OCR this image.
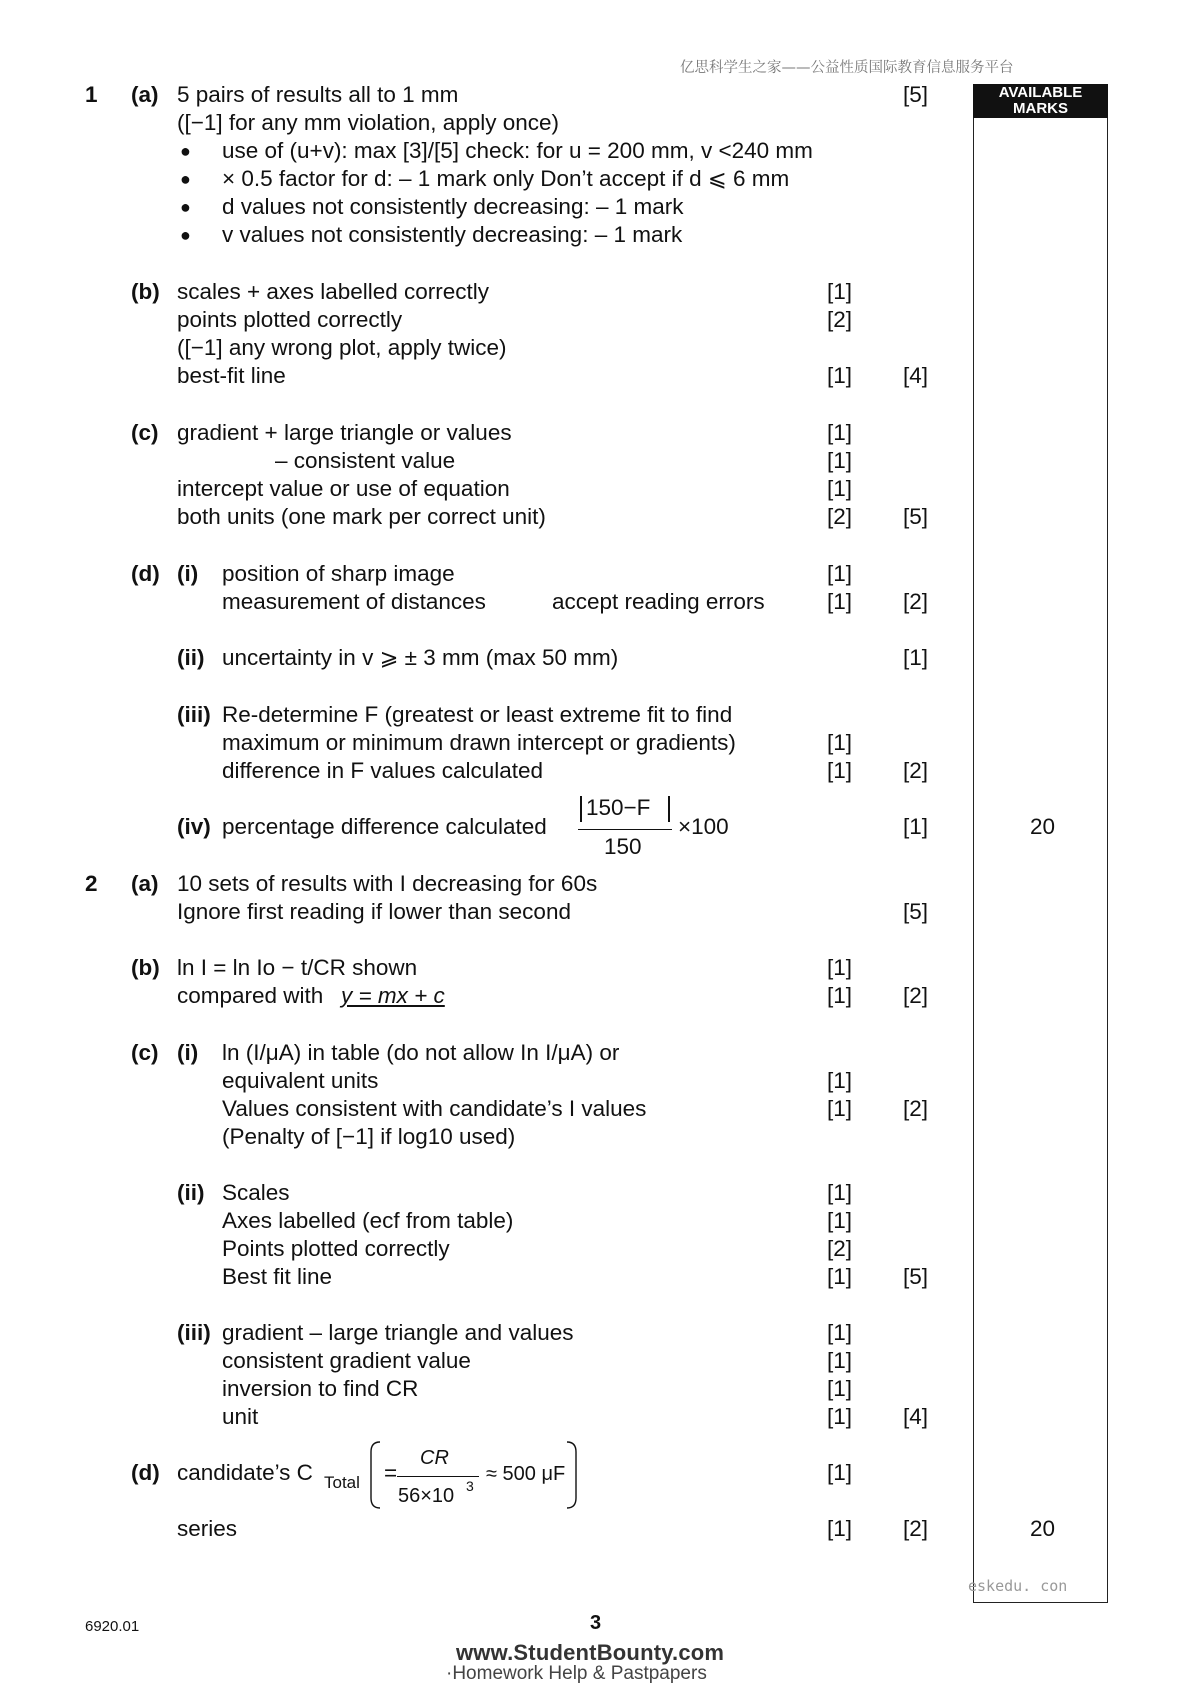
亿思科学生之家——公益性质国际教育信息服务平台
AVAILABLE
MARKS
1 (a) 5 pairs of results all to 1 mm	[5]
([−1] for any mm violation, apply once)
● use of (u+v): max [3]/[5] check: for u = 200 mm, v <240 mm
● × 0.5 factor for d: – 1 mark only Don’t accept if d ⩽ 6 mm
● d values not consistently decreasing: – 1 mark
● v values not consistently decreasing: – 1 mark
(b) scales + axes labelled correctly	[1]
points plotted correctly	[2]
([−1] any wrong plot, apply twice)
best-fit line	[1] [4]
(c) gradient + large triangle or values	[1]
– consistent value	[1]
intercept value or use of equation	[1]
both units (one mark per correct unit)	[2] [5]
(d) (i) position of sharp image	[1]
measurement of distances	accept reading errors	[1] [2]
(ii) uncertainty in v ⩾ ± 3 mm (max 50 mm)	[1]
(iii) Re-determine F (greatest or least extreme fit to find
maximum or minimum drawn intercept or gradients)	[1]
difference in F values calculated	[1] [2]
(iv) percentage difference calculated
150−F
150
×100	[1]	20
2 (a) 10 sets of results with I decreasing for 60s
Ignore first reading if lower than second	[5]
(b) ln I = ln Io − t/CR shown	[1]
compared with y = mx + c	[1] [2]
(c) (i) ln (I/μA) in table (do not allow In I/μA) or
equivalent units	[1]
Values consistent with candidate’s I values	[1] [2]
(Penalty of [−1] if log10 used)
(ii) Scales	[1]
Axes labelled (ecf from table)	[1]
Points plotted correctly	[2]
Best fit line	[1] [5]
(iii) gradient – large triangle and values	[1]
consistent gradient value	[1]
inversion to find CR	[1]
unit	[1] [4]
(d) candidate’s C Total =
CR
56×10 3
≈ 500 μF	[1]
series	[1] [2]	20
eskedu. con
6920.01	3
www.StudentBounty.com
·Homework Help & Pastpapers
